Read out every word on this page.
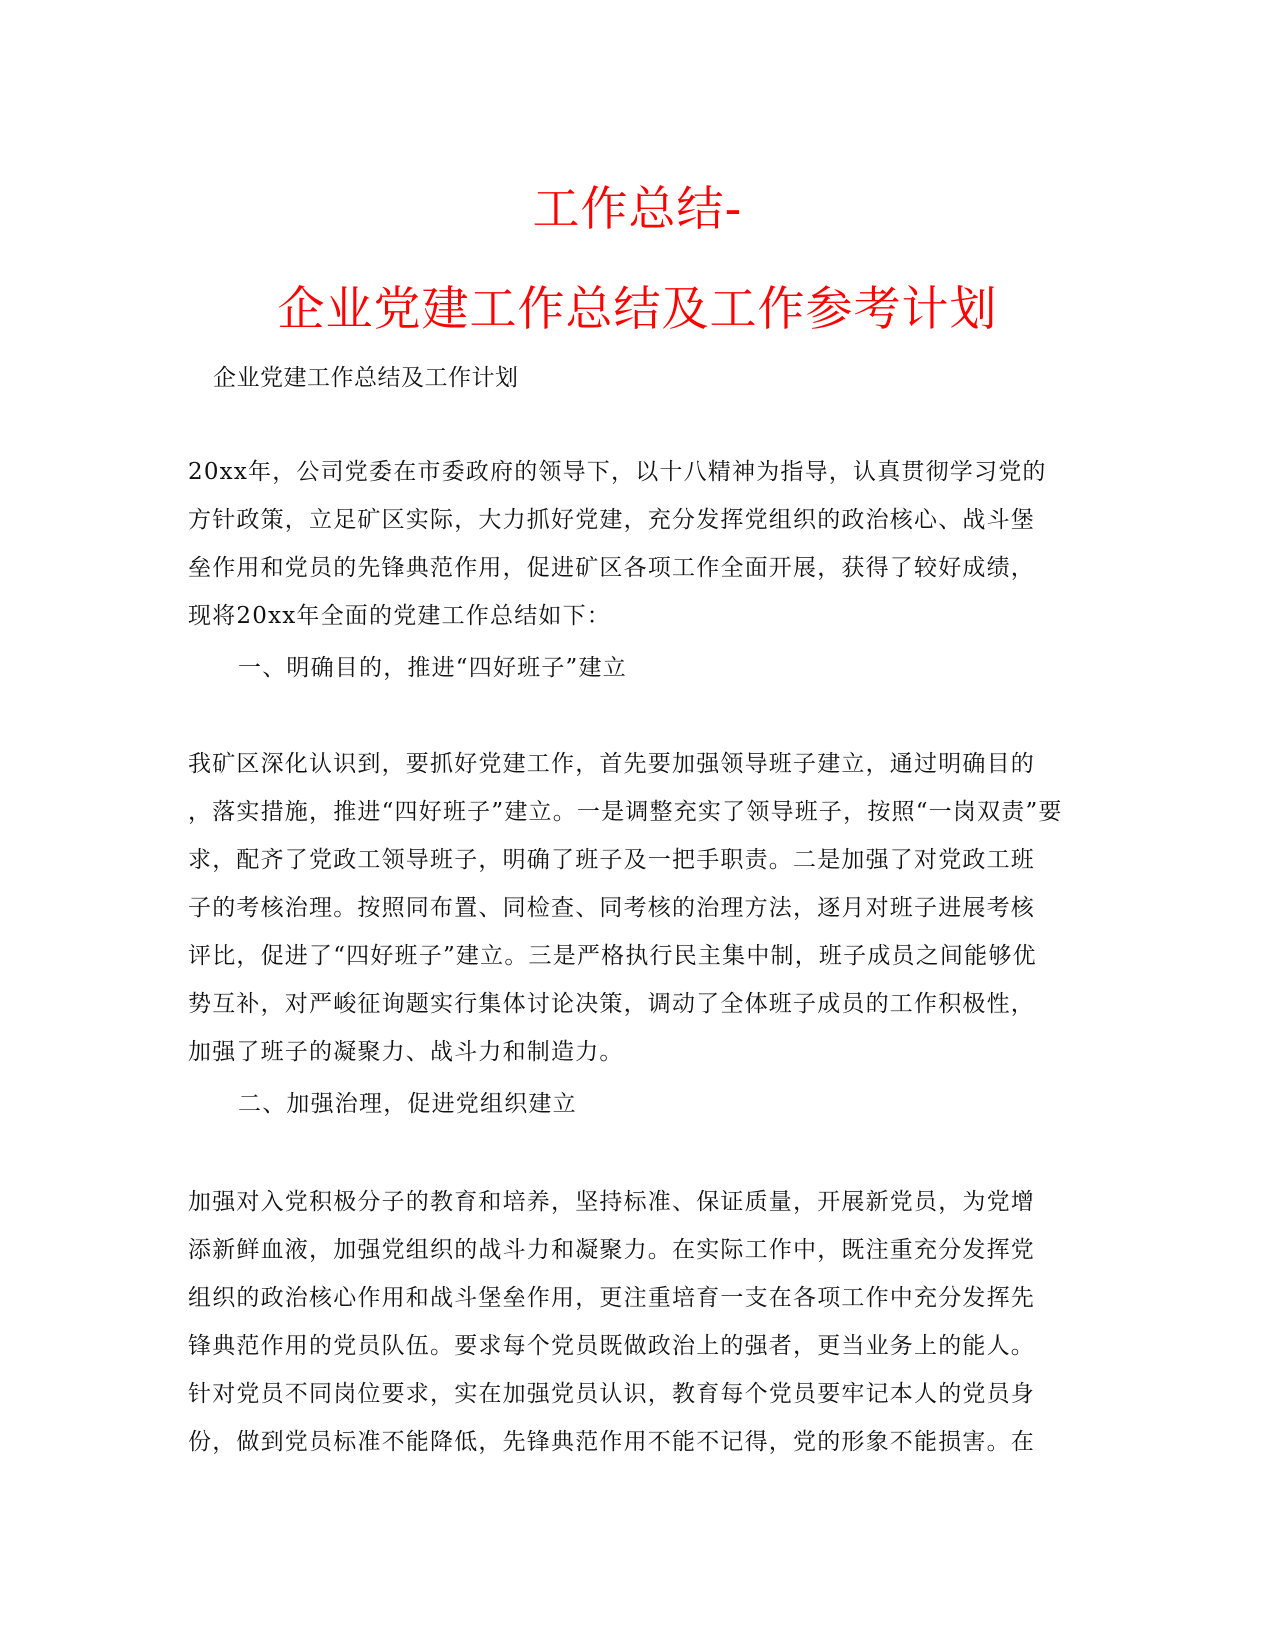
工作总结-
企业党建工作总结及工作参考计划
企业党建工作总结及工作计划
20xx年，公司党委在市委政府的领导下，以十八精神为指导，认真贯彻学习党的
方针政策，立足矿区实际，大力抓好党建，充分发挥党组织的政治核心、战斗堡
垒作用和党员的先锋典范作用，促进矿区各项工作全面开展，获得了较好成绩，
现将20xx年全面的党建工作总结如下：
一、明确目的，推进“四好班子”建立
我矿区深化认识到，要抓好党建工作，首先要加强领导班子建立，通过明确目的
，落实措施，推进“四好班子”建立。一是调整充实了领导班子，按照“一岗双责”要
求，配齐了党政工领导班子，明确了班子及一把手职责。二是加强了对党政工班
子的考核治理。按照同布置、同检查、同考核的治理方法，逐月对班子进展考核
评比，促进了“四好班子”建立。三是严格执行民主集中制，班子成员之间能够优
势互补，对严峻征询题实行集体讨论决策，调动了全体班子成员的工作积极性，
加强了班子的凝聚力、战斗力和制造力。
二、加强治理，促进党组织建立
加强对入党积极分子的教育和培养，坚持标准、保证质量，开展新党员，为党增
添新鲜血液，加强党组织的战斗力和凝聚力。在实际工作中，既注重充分发挥党
组织的政治核心作用和战斗堡垒作用，更注重培育一支在各项工作中充分发挥先
锋典范作用的党员队伍。要求每个党员既做政治上的强者，更当业务上的能人。
针对党员不同岗位要求，实在加强党员认识，教育每个党员要牢记本人的党员身
份，做到党员标准不能降低，先锋典范作用不能不记得，党的形象不能损害。在
